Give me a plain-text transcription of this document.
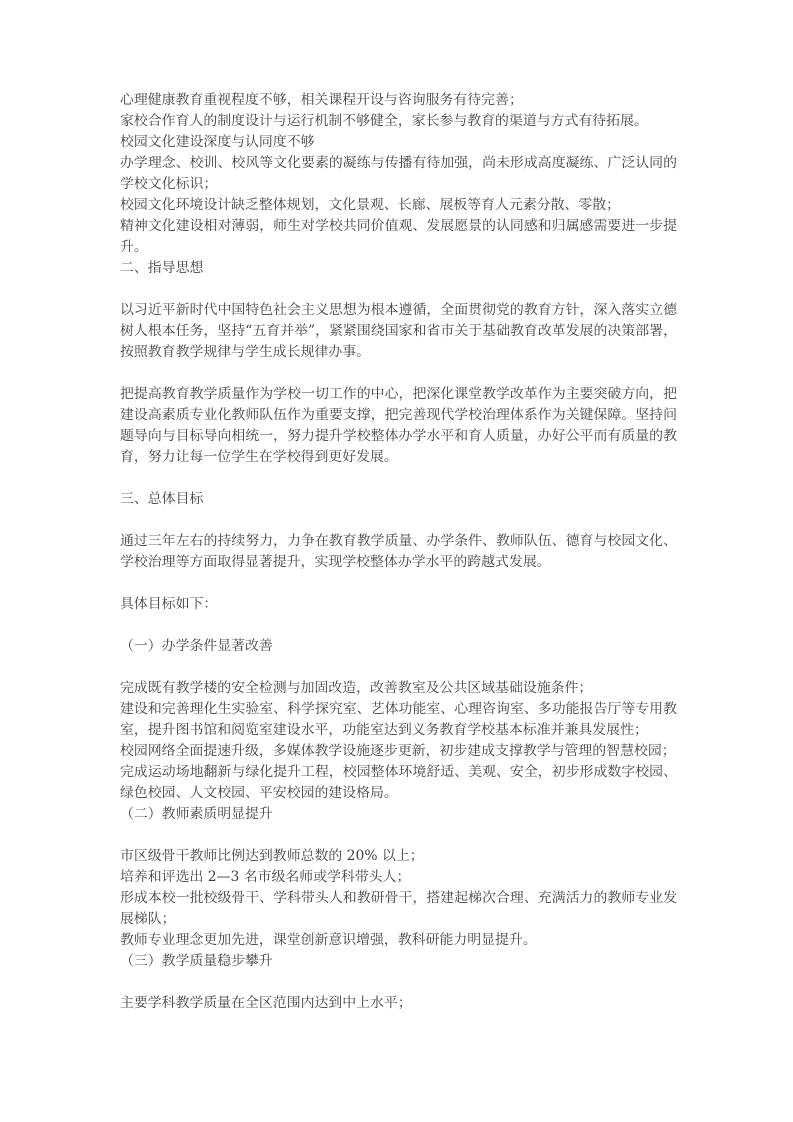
心理健康教育重视程度不够，相关课程开设与咨询服务有待完善；

家校合作育人的制度设计与运行机制不够健全，家长参与教育的渠道与方式有待拓展。

校园文化建设深度与认同度不够

办学理念、校训、校风等文化要素的凝练与传播有待加强，尚未形成高度凝练、广泛认同的学校文化标识；

校园文化环境设计缺乏整体规划，文化景观、长廊、展板等育人元素分散、零散；

精神文化建设相对薄弱，师生对学校共同价值观、发展愿景的认同感和归属感需要进一步提升。

二、指导思想

以习近平新时代中国特色社会主义思想为根本遵循，全面贯彻党的教育方针，深入落实立德树人根本任务，坚持“五育并举”，紧紧围绕国家和省市关于基础教育改革发展的决策部署，按照教育教学规律与学生成长规律办事。

把提高教育教学质量作为学校一切工作的中心，把深化课堂教学改革作为主要突破方向，把建设高素质专业化教师队伍作为重要支撑，把完善现代学校治理体系作为关键保障。坚持问题导向与目标导向相统一，努力提升学校整体办学水平和育人质量，办好公平而有质量的教育，努力让每一位学生在学校得到更好发展。

三、总体目标

通过三年左右的持续努力，力争在教育教学质量、办学条件、教师队伍、德育与校园文化、学校治理等方面取得显著提升，实现学校整体办学水平的跨越式发展。

具体目标如下：

（一）办学条件显著改善

完成既有教学楼的安全检测与加固改造，改善教室及公共区域基础设施条件；

建设和完善理化生实验室、科学探究室、艺体功能室、心理咨询室、多功能报告厅等专用教室，提升图书馆和阅览室建设水平，功能室达到义务教育学校基本标准并兼具发展性；

校园网络全面提速升级，多媒体教学设施逐步更新，初步建成支撑教学与管理的智慧校园；

完成运动场地翻新与绿化提升工程，校园整体环境舒适、美观、安全，初步形成数字校园、绿色校园、人文校园、平安校园的建设格局。

（二）教师素质明显提升

市区级骨干教师比例达到教师总数的 20% 以上；

培养和评选出 2—3 名市级名师或学科带头人；

形成本校一批校级骨干、学科带头人和教研骨干，搭建起梯次合理、充满活力的教师专业发展梯队；

教师专业理念更加先进，课堂创新意识增强，教科研能力明显提升。

（三）教学质量稳步攀升

主要学科教学质量在全区范围内达到中上水平；
